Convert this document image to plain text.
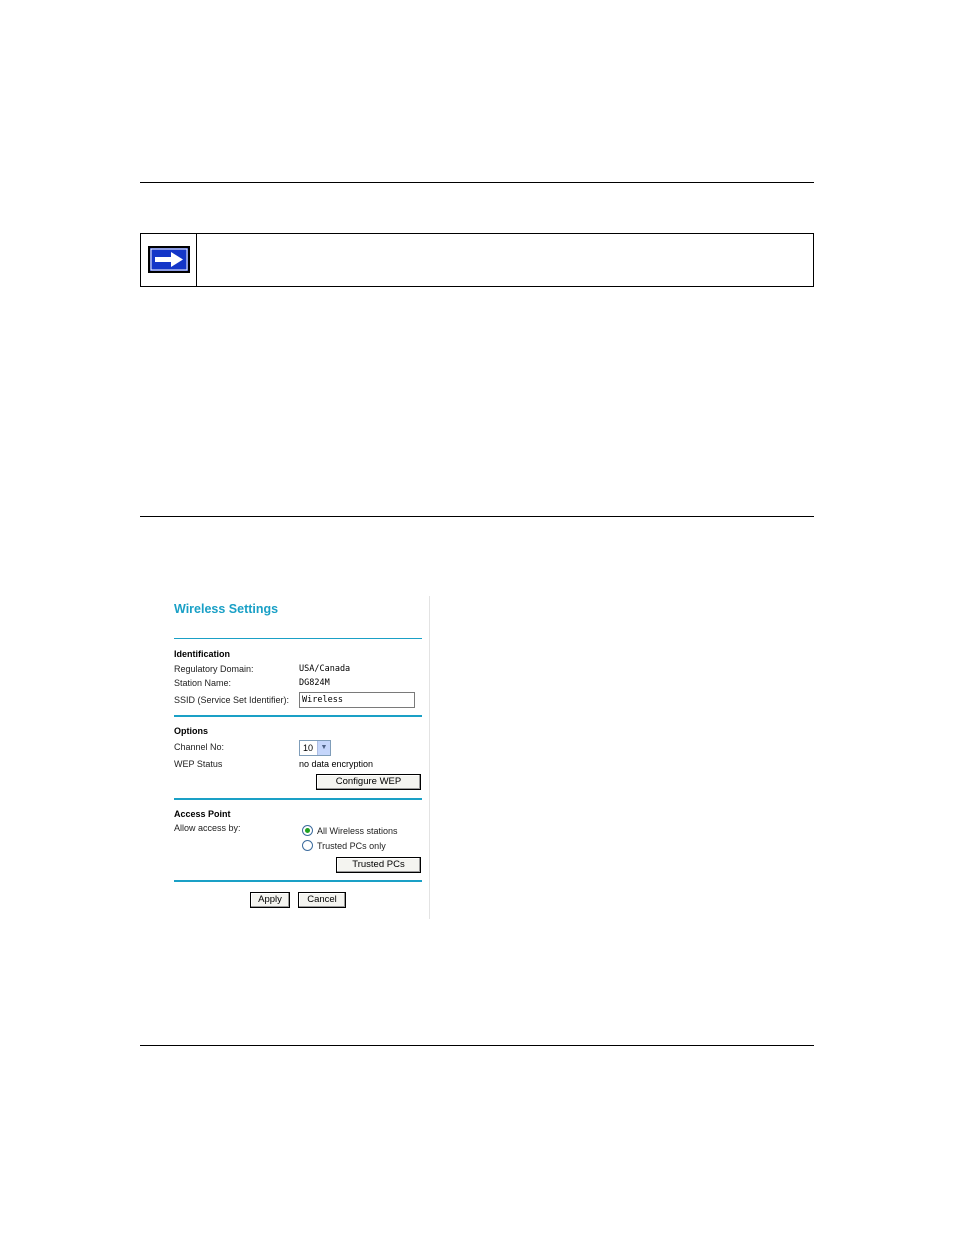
Wireless Settings
Identification
Regulatory Domain:	USA/Canada
Station Name:	DG824M
SSID (Service Set Identifier):	Wireless
Options
Channel No:	10	▼
WEP Status	no data encryption
Configure WEP
Access Point
Allow access by:	All Wireless stations
Trusted PCs only
Trusted PCs
Apply	Cancel
